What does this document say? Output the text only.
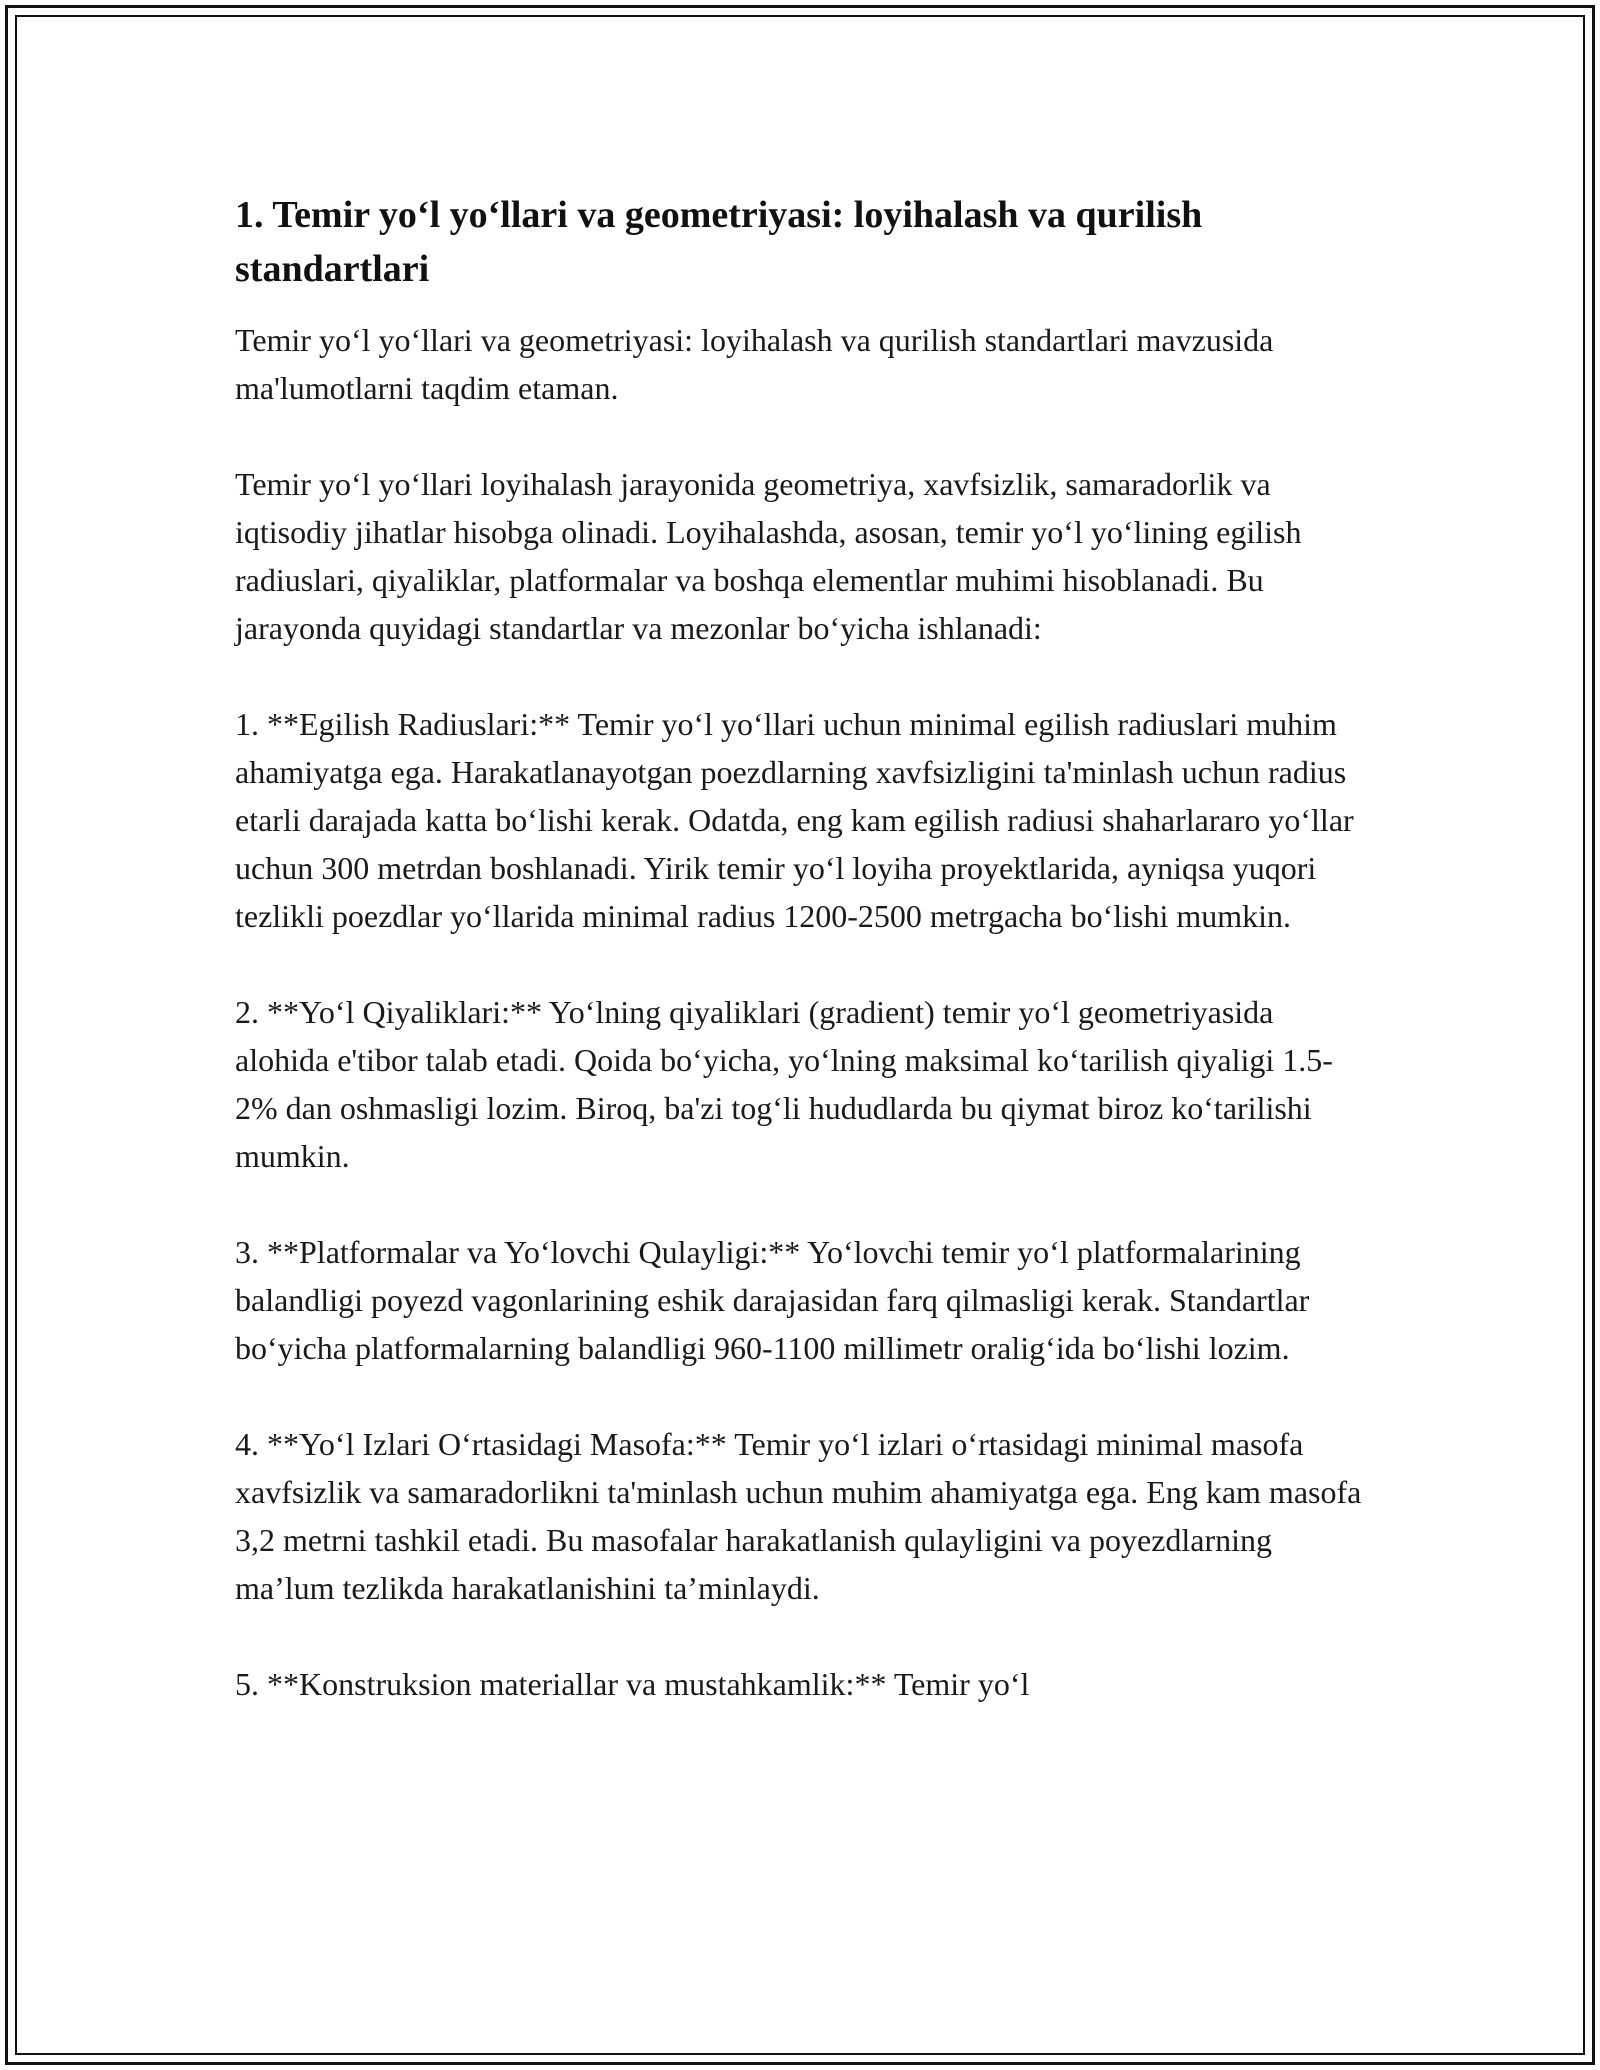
1. Temir yo‘l yo‘llari va geometriyasi: loyihalash va qurilish standartlari

Temir yo‘l yo‘llari va geometriyasi: loyihalash va qurilish standartlari mavzusida ma'lumotlarni taqdim etaman.

Temir yo‘l yo‘llari loyihalash jarayonida geometriya, xavfsizlik, samaradorlik va iqtisodiy jihatlar hisobga olinadi. Loyihalashda, asosan, temir yo‘l yo‘lining egilish radiuslari, qiyaliklar, platformalar va boshqa elementlar muhimi hisoblanadi. Bu jarayonda quyidagi standartlar va mezonlar bo‘yicha ishlanadi:

1. **Egilish Radiuslari:** Temir yo‘l yo‘llari uchun minimal egilish radiuslari muhim ahamiyatga ega. Harakatlanayotgan poezdlarning xavfsizligini ta'minlash uchun radius etarli darajada katta bo‘lishi kerak. Odatda, eng kam egilish radiusi shaharlararo yo‘llar uchun 300 metrdan boshlanadi. Yirik temir yo‘l loyiha proyektlarida, ayniqsa yuqori tezlikli poezdlar yo‘llarida minimal radius 1200-2500 metrgacha bo‘lishi mumkin.

2. **Yo‘l Qiyaliklari:** Yo‘lning qiyaliklari (gradient) temir yo‘l geometriyasida alohida e'tibor talab etadi. Qoida bo‘yicha, yo‘lning maksimal ko‘tarilish qiyaligi 1.5-2% dan oshmasligi lozim. Biroq, ba'zi tog‘li hududlarda bu qiymat biroz ko‘tarilishi mumkin.

3. **Platformalar va Yo‘lovchi Qulayligi:** Yo‘lovchi temir yo‘l platformalarining balandligi poyezd vagonlarining eshik darajasidan farq qilmasligi kerak. Standartlar bo‘yicha platformalarning balandligi 960-1100 millimetr oralig‘ida bo‘lishi lozim.

4. **Yo‘l Izlari O‘rtasidagi Masofa:** Temir yo‘l izlari o‘rtasidagi minimal masofa xavfsizlik va samaradorlikni ta'minlash uchun muhim ahamiyatga ega. Eng kam masofa 3,2 metrni tashkil etadi. Bu masofalar harakatlanish qulayligini va poyezdlarning ma’lum tezlikda harakatlanishini ta’minlaydi.

5. **Konstruksion materiallar va mustahkamlik:** Temir yo‘l
